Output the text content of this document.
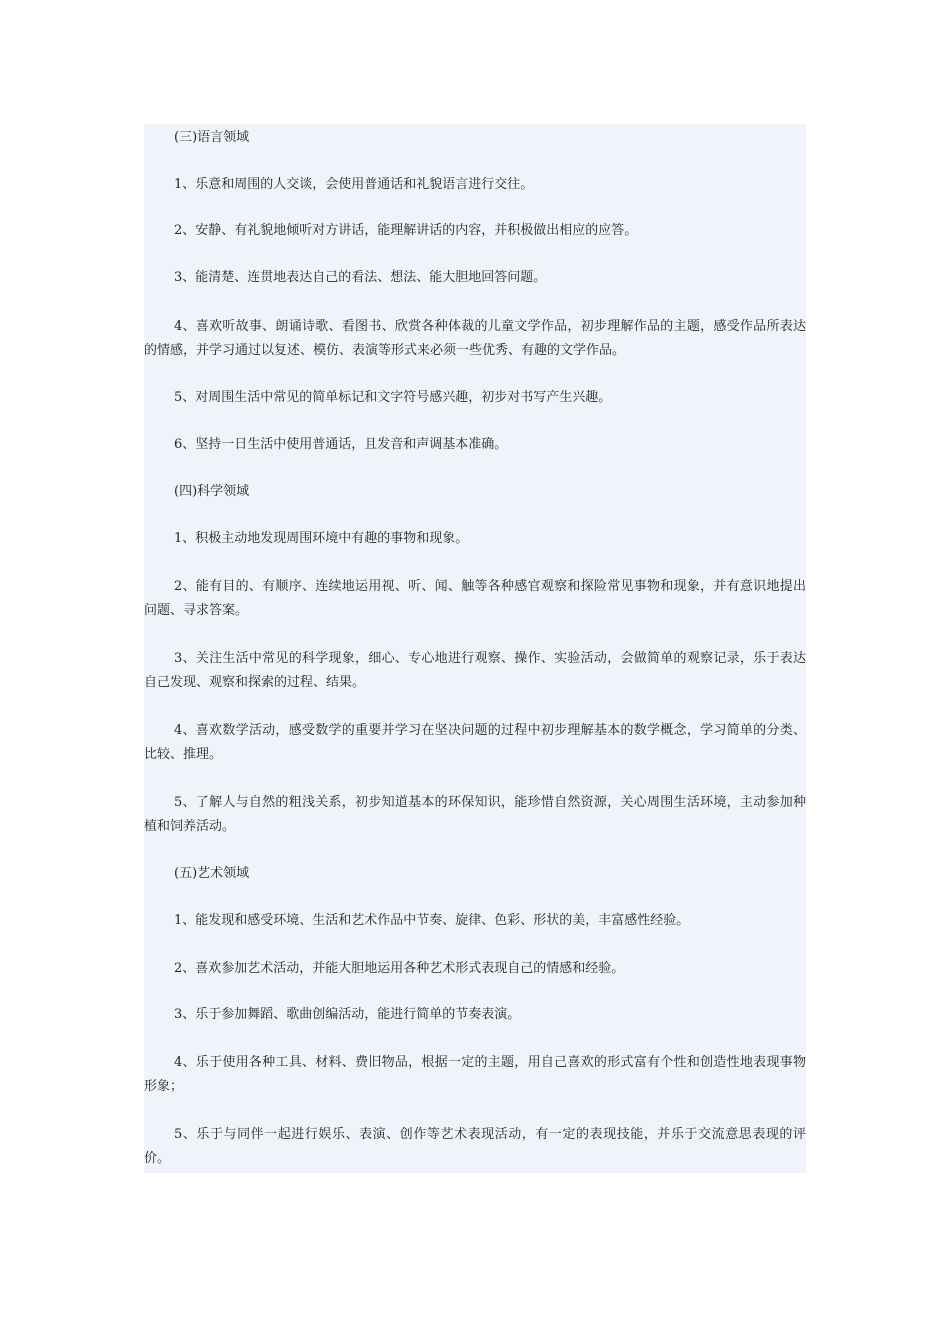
(三)语言领域

1、乐意和周围的人交谈，会使用普通话和礼貌语言进行交往。

2、安静、有礼貌地倾听对方讲话，能理解讲话的内容，并积极做出相应的应答。

3、能清楚、连贯地表达自己的看法、想法、能大胆地回答问题。

4、喜欢听故事、朗诵诗歌、看图书、欣赏各种体裁的儿童文学作品，初步理解作品的主题，感受作品所表达的情感，并学习通过以复述、模仿、表演等形式来必须一些优秀、有趣的文学作品。

5、对周围生活中常见的简单标记和文字符号感兴趣，初步对书写产生兴趣。

6、坚持一日生活中使用普通话，且发音和声调基本准确。

(四)科学领域

1、积极主动地发现周围环境中有趣的事物和现象。

2、能有目的、有顺序、连续地运用视、听、闻、触等各种感官观察和探险常见事物和现象，并有意识地提出问题、寻求答案。

3、关注生活中常见的科学现象，细心、专心地进行观察、操作、实验活动，会做简单的观察记录，乐于表达自己发现、观察和探索的过程、结果。

4、喜欢数学活动，感受数学的重要并学习在坚决问题的过程中初步理解基本的数学概念，学习简单的分类、比较、推理。

5、了解人与自然的粗浅关系，初步知道基本的环保知识，能珍惜自然资源，关心周围生活环境，主动参加种植和饲养活动。

(五)艺术领域

1、能发现和感受环境、生活和艺术作品中节奏、旋律、色彩、形状的美，丰富感性经验。

2、喜欢参加艺术活动，并能大胆地运用各种艺术形式表现自己的情感和经验。

3、乐于参加舞蹈、歌曲创编活动，能进行简单的节奏表演。

4、乐于使用各种工具、材料、费旧物品，根据一定的主题，用自己喜欢的形式富有个性和创造性地表现事物形象；

5、乐于与同伴一起进行娱乐、表演、创作等艺术表现活动，有一定的表现技能，并乐于交流意思表现的评价。
